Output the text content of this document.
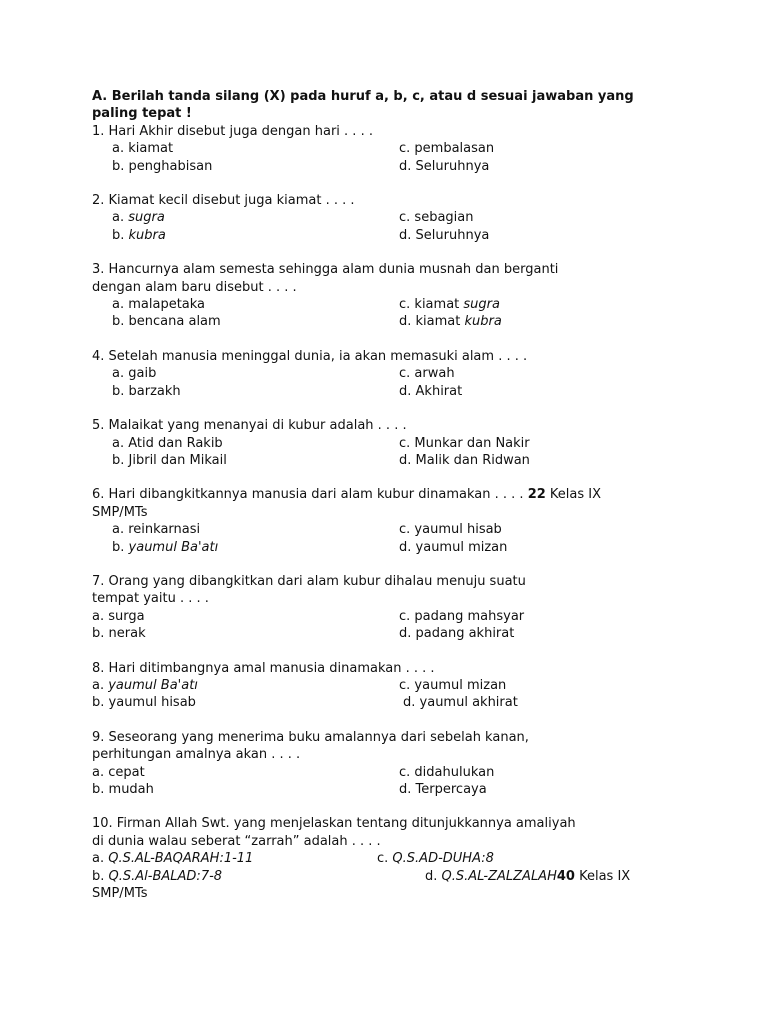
A. Berilah tanda silang (X) pada huruf a, b, c, atau d sesuai jawaban yang
paling tepat !
1. Hari Akhir disebut juga dengan hari . . . .
a. kiamat	c. pembalasan
b. penghabisan	d. Seluruhnya
2. Kiamat kecil disebut juga kiamat . . . .
a. sugra	c. sebagian
b. kubra	d. Seluruhnya
3. Hancurnya alam semesta sehingga alam dunia musnah dan berganti
dengan alam baru disebut . . . .
a. malapetaka	c. kiamat sugra
b. bencana alam	d. kiamat kubra
4. Setelah manusia meninggal dunia, ia akan memasuki alam . . . .
a. gaib	c. arwah
b. barzakh	d. Akhirat
5. Malaikat yang menanyai di kubur adalah . . . .
a. Atid dan Rakib	c. Munkar dan Nakir
b. Jibril dan Mikail	d. Malik dan Ridwan
6. Hari dibangkitkannya manusia dari alam kubur dinamakan . . . . 22 Kelas IX
SMP/MTs
a. reinkarnasi	c. yaumul hisab
b. yaumul Ba'atı	d. yaumul mizan
7. Orang yang dibangkitkan dari alam kubur dihalau menuju suatu
tempat yaitu . . . .
a. surga	c. padang mahsyar
b. nerak	d. padang akhirat
8. Hari ditimbangnya amal manusia dinamakan . . . .
a. yaumul Ba'atı	c. yaumul mizan
b. yaumul hisab	d. yaumul akhirat
9. Seseorang yang menerima buku amalannya dari sebelah kanan,
perhitungan amalnya akan . . . .
a. cepat	c. didahulukan
b. mudah	d. Terpercaya
10. Firman Allah Swt. yang menjelaskan tentang ditunjukkannya amaliyah
di dunia walau seberat “zarrah” adalah . . . .
a. Q.S.AL-BAQARAH:1-11	c. Q.S.AD-DUHA:8
b. Q.S.Al-BALAD:7-8	d. Q.S.AL-ZALZALAH40 Kelas IX
SMP/MTs
